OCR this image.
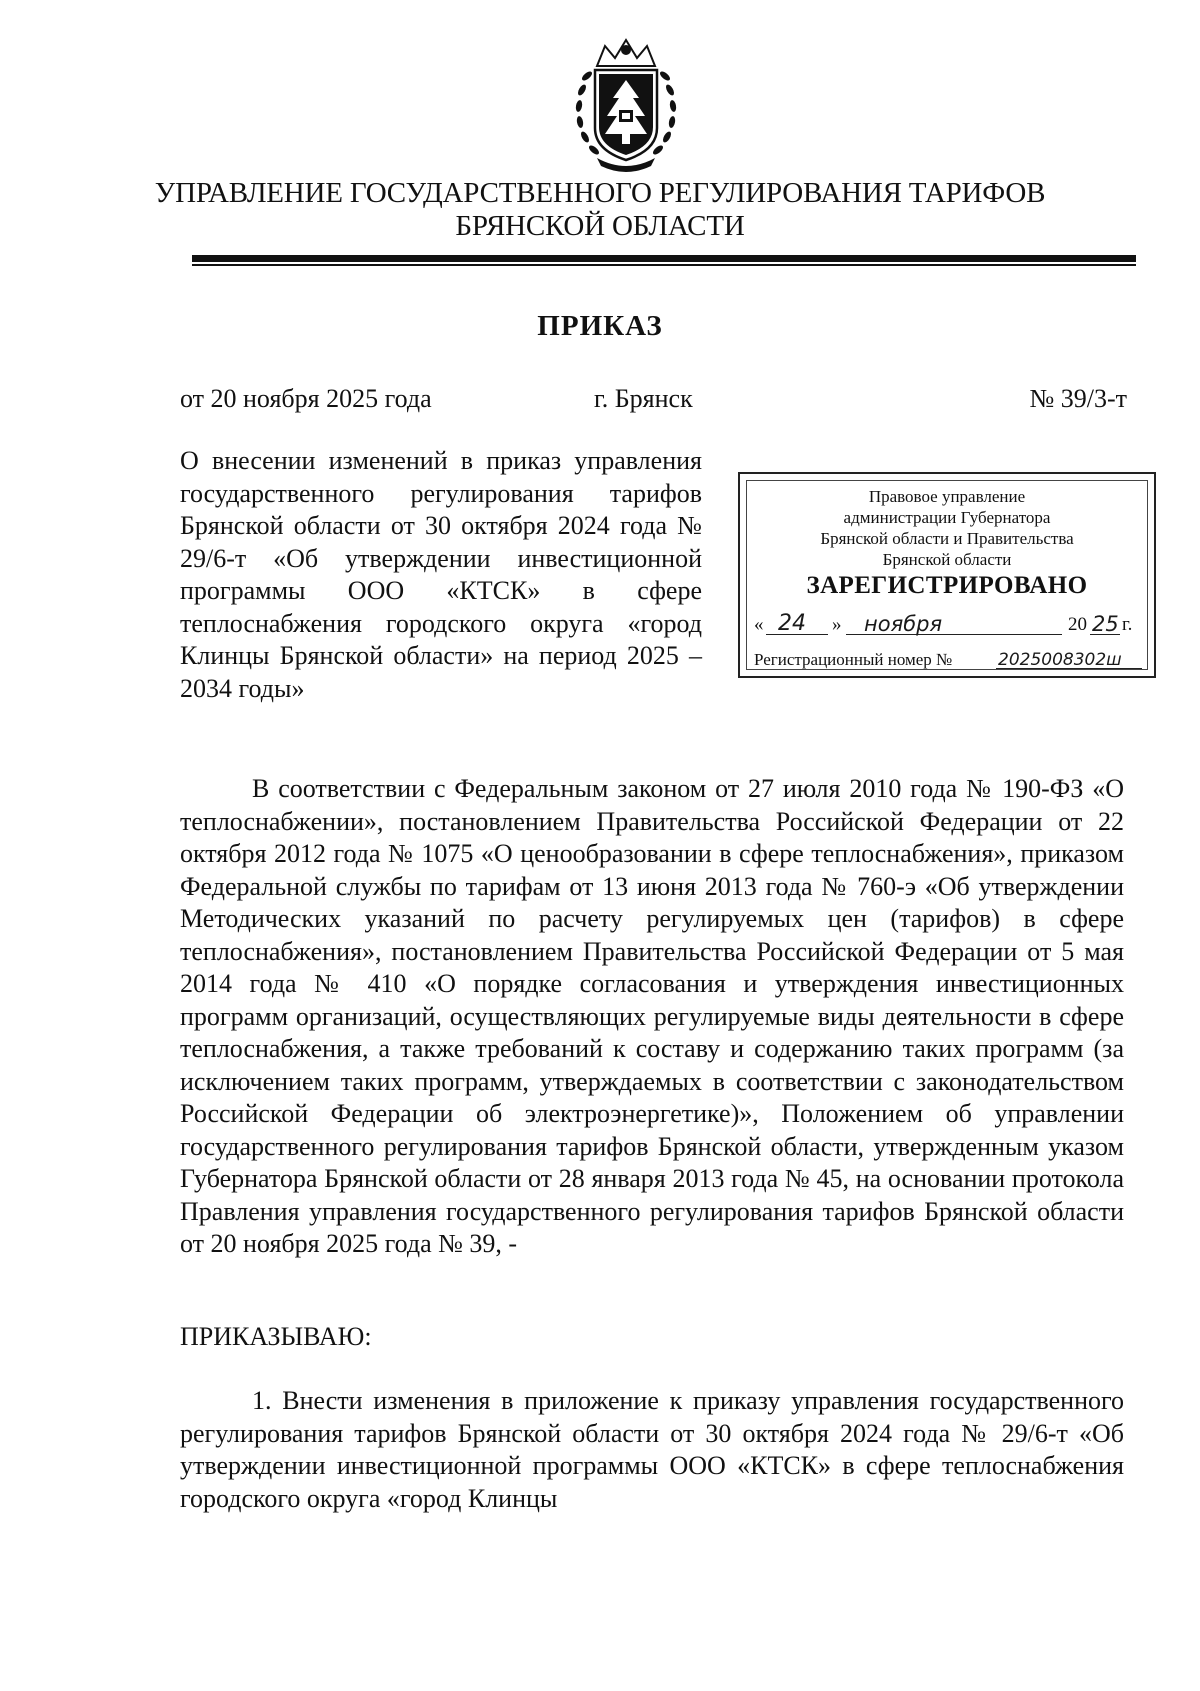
УПРАВЛЕНИЕ ГОСУДАРСТВЕННОГО РЕГУЛИРОВАНИЯ ТАРИФОВ
БРЯНСКОЙ ОБЛАСТИ
ПРИКАЗ
от 20 ноября 2025 года	г. Брянск	№ 39/3-т
О внесении изменений в приказ управления государственного регулирования тарифов Брянской области от 30 октября 2024 года № 29/6-т «Об утверждении инвестиционной программы ООО «КТСК» в сфере теплоснабжения городского округа «город Клинцы Брянской области» на период 2025 – 2034 годы»
Правовое управление
администрации Губернатора
Брянской области и Правительства
Брянской области
ЗАРЕГИСТРИРОВАНО
« 24 » ноября	20 25 г.
Регистрационный номер №	2025008302ш
В соответствии с Федеральным законом от 27 июля 2010 года № 190-ФЗ «О теплоснабжении», постановлением Правительства Российской Федерации от 22 октября 2012 года № 1075 «О ценообразовании в сфере теплоснабжения», приказом Федеральной службы по тарифам от 13 июня 2013 года № 760-э «Об утверждении Методических указаний по расчету регулируемых цен (тарифов) в сфере теплоснабжения», постановлением Правительства Российской Федерации от 5 мая 2014 года № 410 «О порядке согласования и утверждения инвестиционных программ организаций, осуществляющих регулируемые виды деятельности в сфере теплоснабжения, а также требований к составу и содержанию таких программ (за исключением таких программ, утверждаемых в соответствии с законодательством Российской Федерации об электроэнергетике)», Положением об управлении государственного регулирования тарифов Брянской области, утвержденным указом Губернатора Брянской области от 28 января 2013 года № 45, на основании протокола Правления управления государственного регулирования тарифов Брянской области от 20 ноября 2025 года № 39, -
ПРИКАЗЫВАЮ:
1. Внести изменения в приложение к приказу управления государственного регулирования тарифов Брянской области от 30 октября 2024 года № 29/6-т «Об утверждении инвестиционной программы ООО «КТСК» в сфере теплоснабжения городского округа «город Клинцы
